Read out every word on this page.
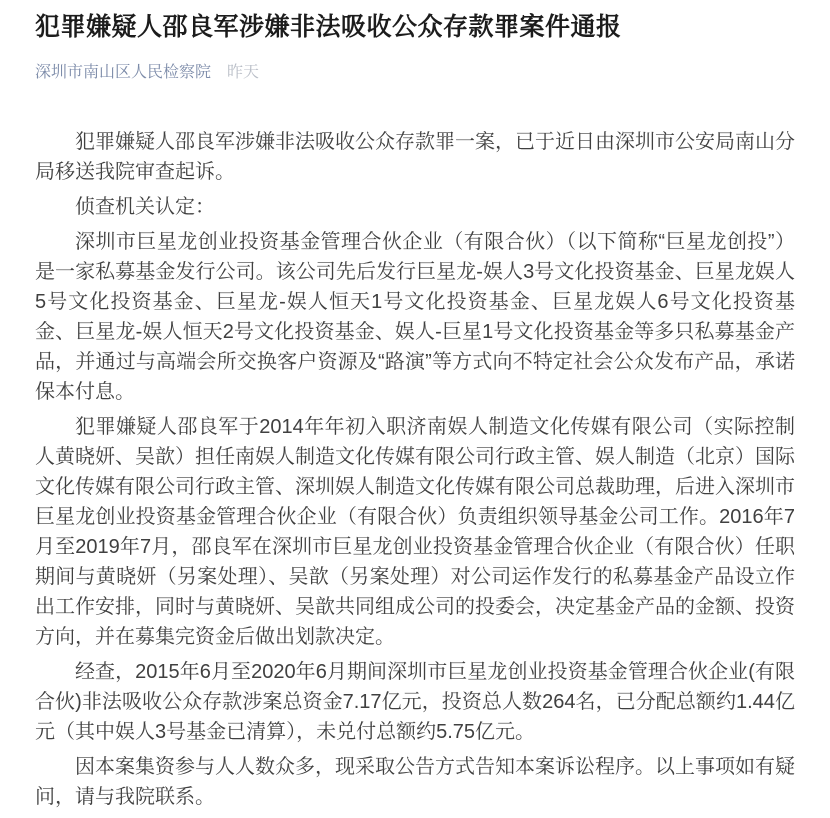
犯罪嫌疑人邵良军涉嫌非法吸收公众存款罪案件通报
深圳市南山区人民检察院 昨天

犯罪嫌疑人邵良军涉嫌非法吸收公众存款罪一案，已于近日由深圳市公安局南山分局移送我院审查起诉。

侦查机关认定：

深圳市巨星龙创业投资基金管理合伙企业（有限合伙）（以下简称“巨星龙创投”）是一家私募基金发行公司。该公司先后发行巨星龙-娱人3号文化投资基金、巨星龙娱人5号文化投资基金、巨星龙-娱人恒天1号文化投资基金、巨星龙娱人6号文化投资基金、巨星龙-娱人恒天2号文化投资基金、娱人-巨星1号文化投资基金等多只私募基金产品，并通过与高端会所交换客户资源及“路演”等方式向不特定社会公众发布产品，承诺保本付息。

犯罪嫌疑人邵良军于2014年年初入职济南娱人制造文化传媒有限公司（实际控制人黄晓妍、吴歆）担任南娱人制造文化传媒有限公司行政主管、娱人制造（北京）国际文化传媒有限公司行政主管、深圳娱人制造文化传媒有限公司总裁助理，后进入深圳市巨星龙创业投资基金管理合伙企业（有限合伙）负责组织领导基金公司工作。2016年7月至2019年7月，邵良军在深圳市巨星龙创业投资基金管理合伙企业（有限合伙）任职期间与黄晓妍（另案处理）、吴歆（另案处理）对公司运作发行的私募基金产品设立作出工作安排，同时与黄晓妍、吴歆共同组成公司的投委会，决定基金产品的金额、投资方向，并在募集完资金后做出划款决定。

经查，2015年6月至2020年6月期间深圳市巨星龙创业投资基金管理合伙企业(有限合伙)非法吸收公众存款涉案总资金7.17亿元，投资总人数264名，已分配总额约1.44亿元（其中娱人3号基金已清算），未兑付总额约5.75亿元。

因本案集资参与人人数众多，现采取公告方式告知本案诉讼程序。以上事项如有疑问，请与我院联系。
